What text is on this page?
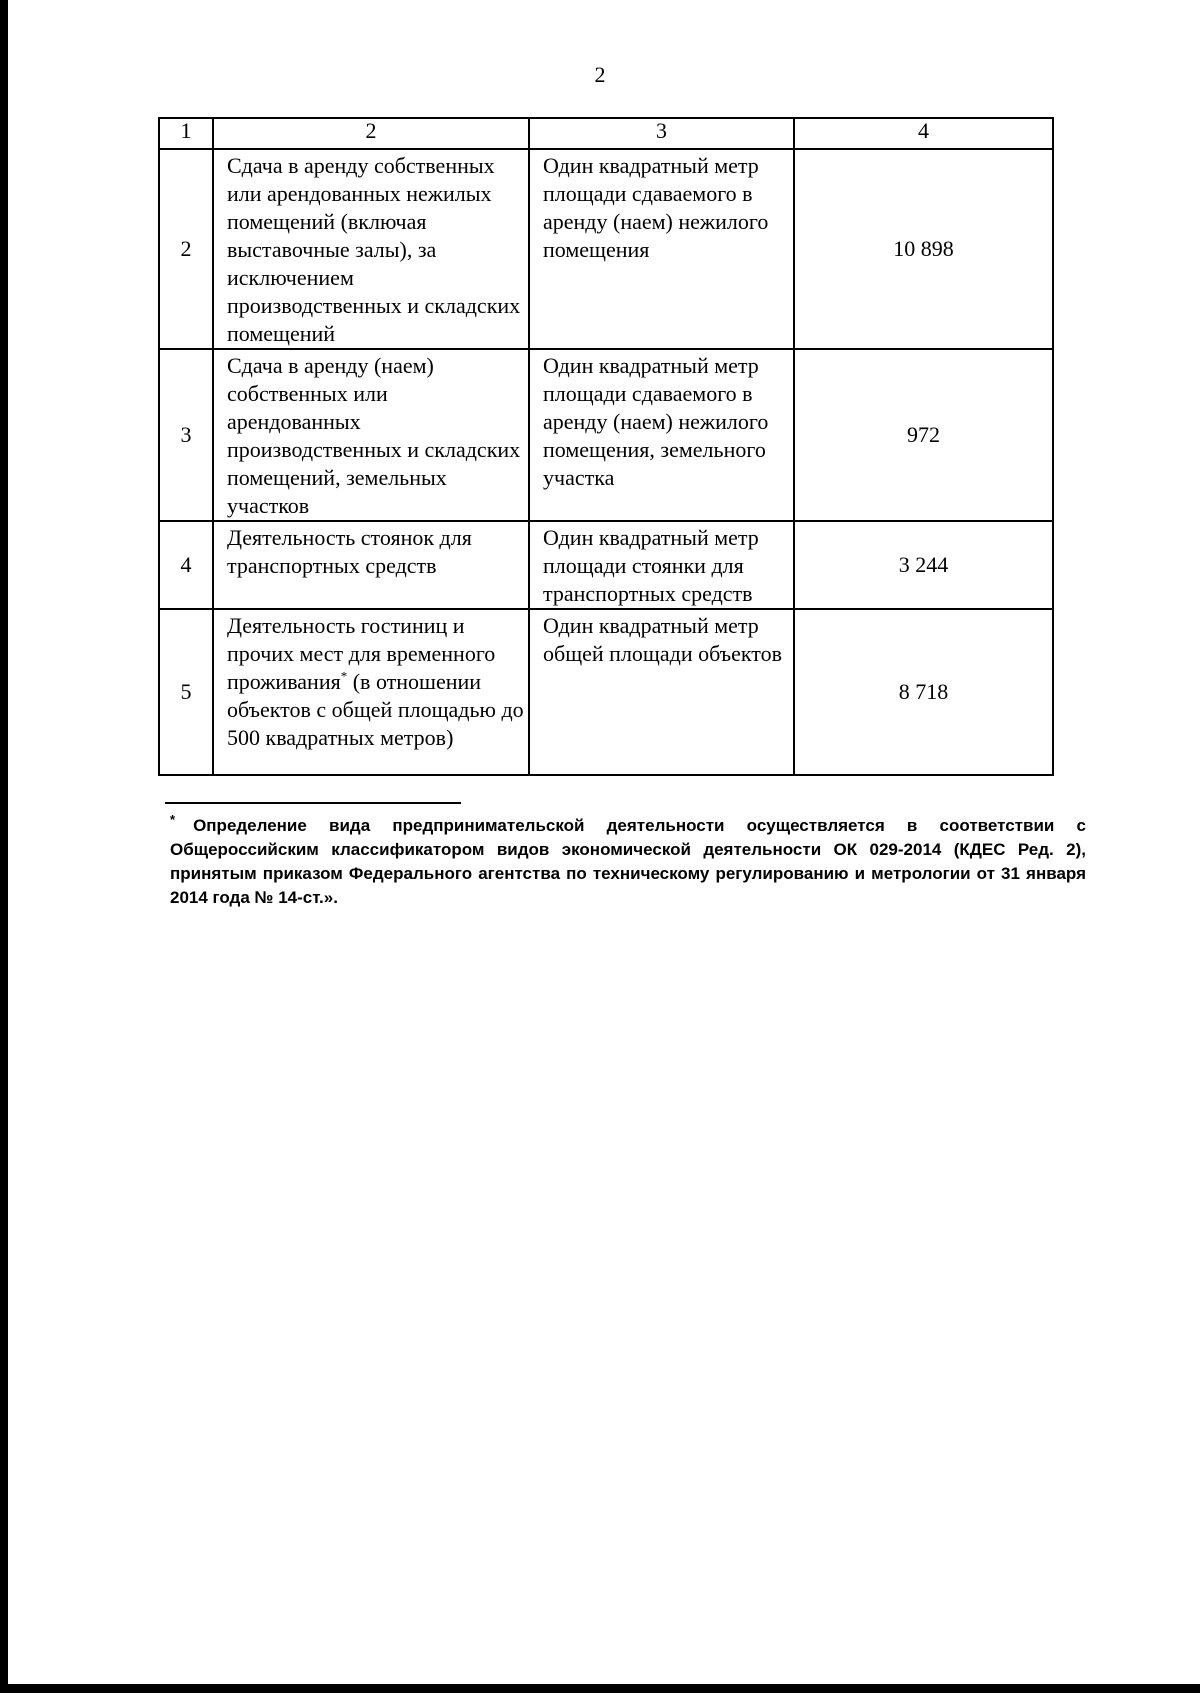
2
1	2	3	4
2	Сдача в аренду собственных или арендованных нежилых помещений (включая выставочные залы), за исключением производственных и складских помещений	Один квадратный метр площади сдаваемого в аренду (наем) нежилого помещения	10 898
3	Сдача в аренду (наем) собственных или арендованных производственных и складских помещений, земельных участков	Один квадратный метр площади сдаваемого в аренду (наем) нежилого помещения, земельного участка	972
4	Деятельность стоянок для транспортных средств	Один квадратный метр площади стоянки для транспортных средств	3 244
5	Деятельность гостиниц и прочих мест для временного проживания* (в отношении объектов с общей площадью до 500 квадратных метров)	Один квадратный метр общей площади объектов	8 718
* Определение вида предпринимательской деятельности осуществляется в соответствии с Общероссийским классификатором видов экономической деятельности ОК 029-2014 (КДЕС Ред. 2), принятым приказом Федерального агентства по техническому регулированию и метрологии от 31 января 2014 года № 14-ст.».
